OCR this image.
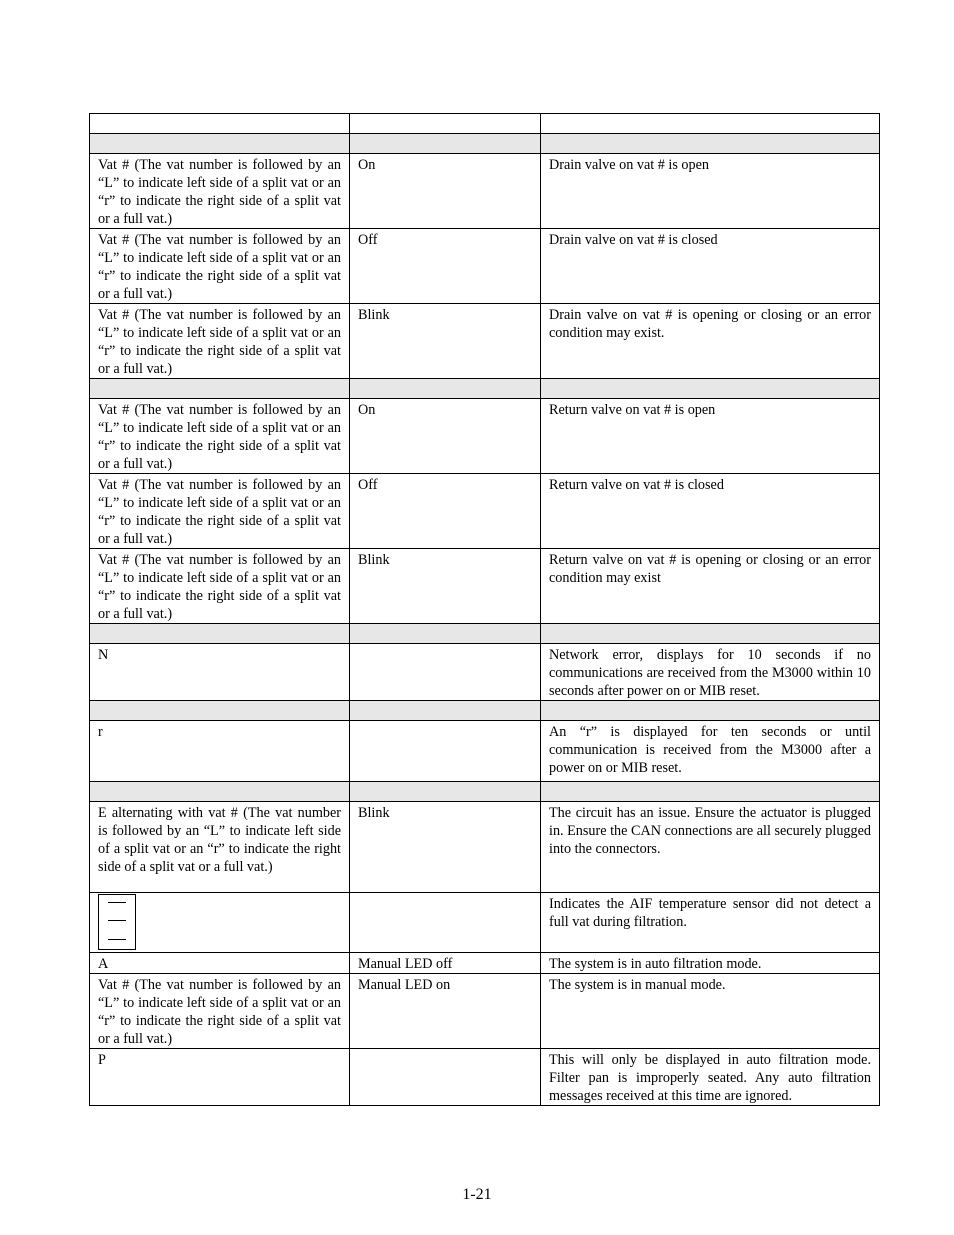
Vat # (The vat number is followed by an “L” to indicate left side of a split vat or an “r” to indicate the right side of a split vat or a full vat.)	On	Drain valve on vat # is open
Vat # (The vat number is followed by an “L” to indicate left side of a split vat or an “r” to indicate the right side of a split vat or a full vat.)	Off	Drain valve on vat # is closed
Vat # (The vat number is followed by an “L” to indicate left side of a split vat or an “r” to indicate the right side of a split vat or a full vat.)	Blink	Drain valve on vat # is opening or closing or an error condition may exist.

Vat # (The vat number is followed by an “L” to indicate left side of a split vat or an “r” to indicate the right side of a split vat or a full vat.)	On	Return valve on vat # is open
Vat # (The vat number is followed by an “L” to indicate left side of a split vat or an “r” to indicate the right side of a split vat or a full vat.)	Off	Return valve on vat # is closed
Vat # (The vat number is followed by an “L” to indicate left side of a split vat or an “r” to indicate the right side of a split vat or a full vat.)	Blink	Return valve on vat # is opening or closing or an error condition may exist

N		Network error, displays for 10 seconds if no communications are received from the M3000 within 10 seconds after power on or MIB reset.

r		An “r” is displayed for ten seconds or until communication is received from the M3000 after a power on or MIB reset.

E alternating with vat # (The vat number is followed by an “L” to indicate left side of a split vat or an “r” to indicate the right side of a split vat or a full vat.)	Blink	The circuit has an issue. Ensure the actuator is plugged in. Ensure the CAN connections are all securely plugged into the connectors.

		Indicates the AIF temperature sensor did not detect a full vat during filtration.
A	Manual LED off	The system is in auto filtration mode.
Vat # (The vat number is followed by an “L” to indicate left side of a split vat or an “r” to indicate the right side of a split vat or a full vat.)	Manual LED on	The system is in manual mode.
P		This will only be displayed in auto filtration mode. Filter pan is improperly seated. Any auto filtration messages received at this time are ignored.
1-21
